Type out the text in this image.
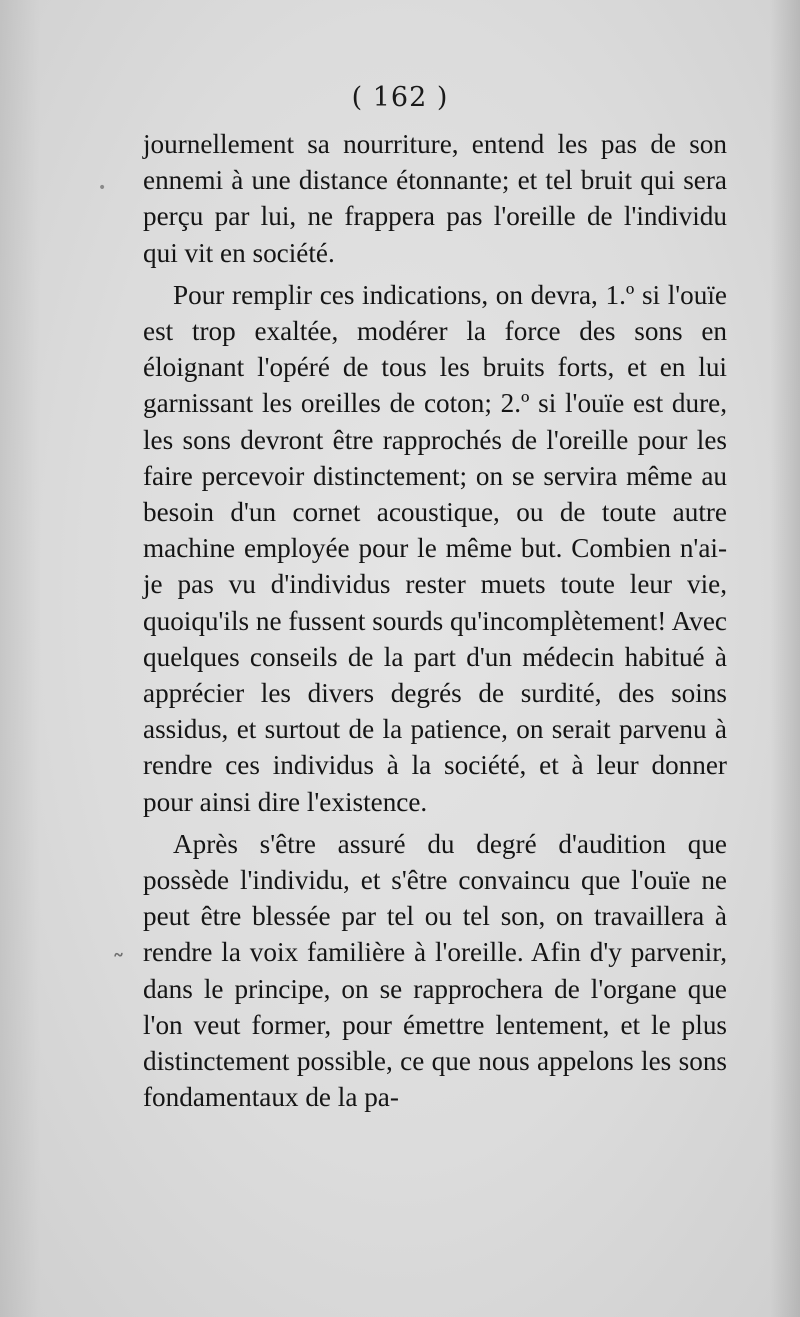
( 162 )

journellement sa nourriture, entend les pas de son ennemi à une distance étonnante; et tel bruit qui sera perçu par lui, ne frappera pas l'oreille de l'individu qui vit en société.

Pour remplir ces indications, on devra, 1.º si l'ouïe est trop exaltée, modérer la force des sons en éloignant l'opéré de tous les bruits forts, et en lui garnissant les oreilles de coton; 2.º si l'ouïe est dure, les sons devront être rapprochés de l'oreille pour les faire percevoir distinctement; on se servira même au besoin d'un cornet acoustique, ou de toute autre machine employée pour le même but. Combien n'ai-je pas vu d'individus rester muets toute leur vie, quoiqu'ils ne fussent sourds qu'incomplètement! Avec quelques conseils de la part d'un médecin habitué à apprécier les divers degrés de surdité, des soins assidus, et surtout de la patience, on serait parvenu à rendre ces individus à la société, et à leur donner pour ainsi dire l'existence.

Après s'être assuré du degré d'audition que possède l'individu, et s'être convaincu que l'ouïe ne peut être blessée par tel ou tel son, on travaillera à rendre la voix familière à l'oreille. Afin d'y parvenir, dans le principe, on se rapprochera de l'organe que l'on veut former, pour émettre lentement, et le plus distinctement possible, ce que nous appelons les sons fondamentaux de la pa-

•
˜
